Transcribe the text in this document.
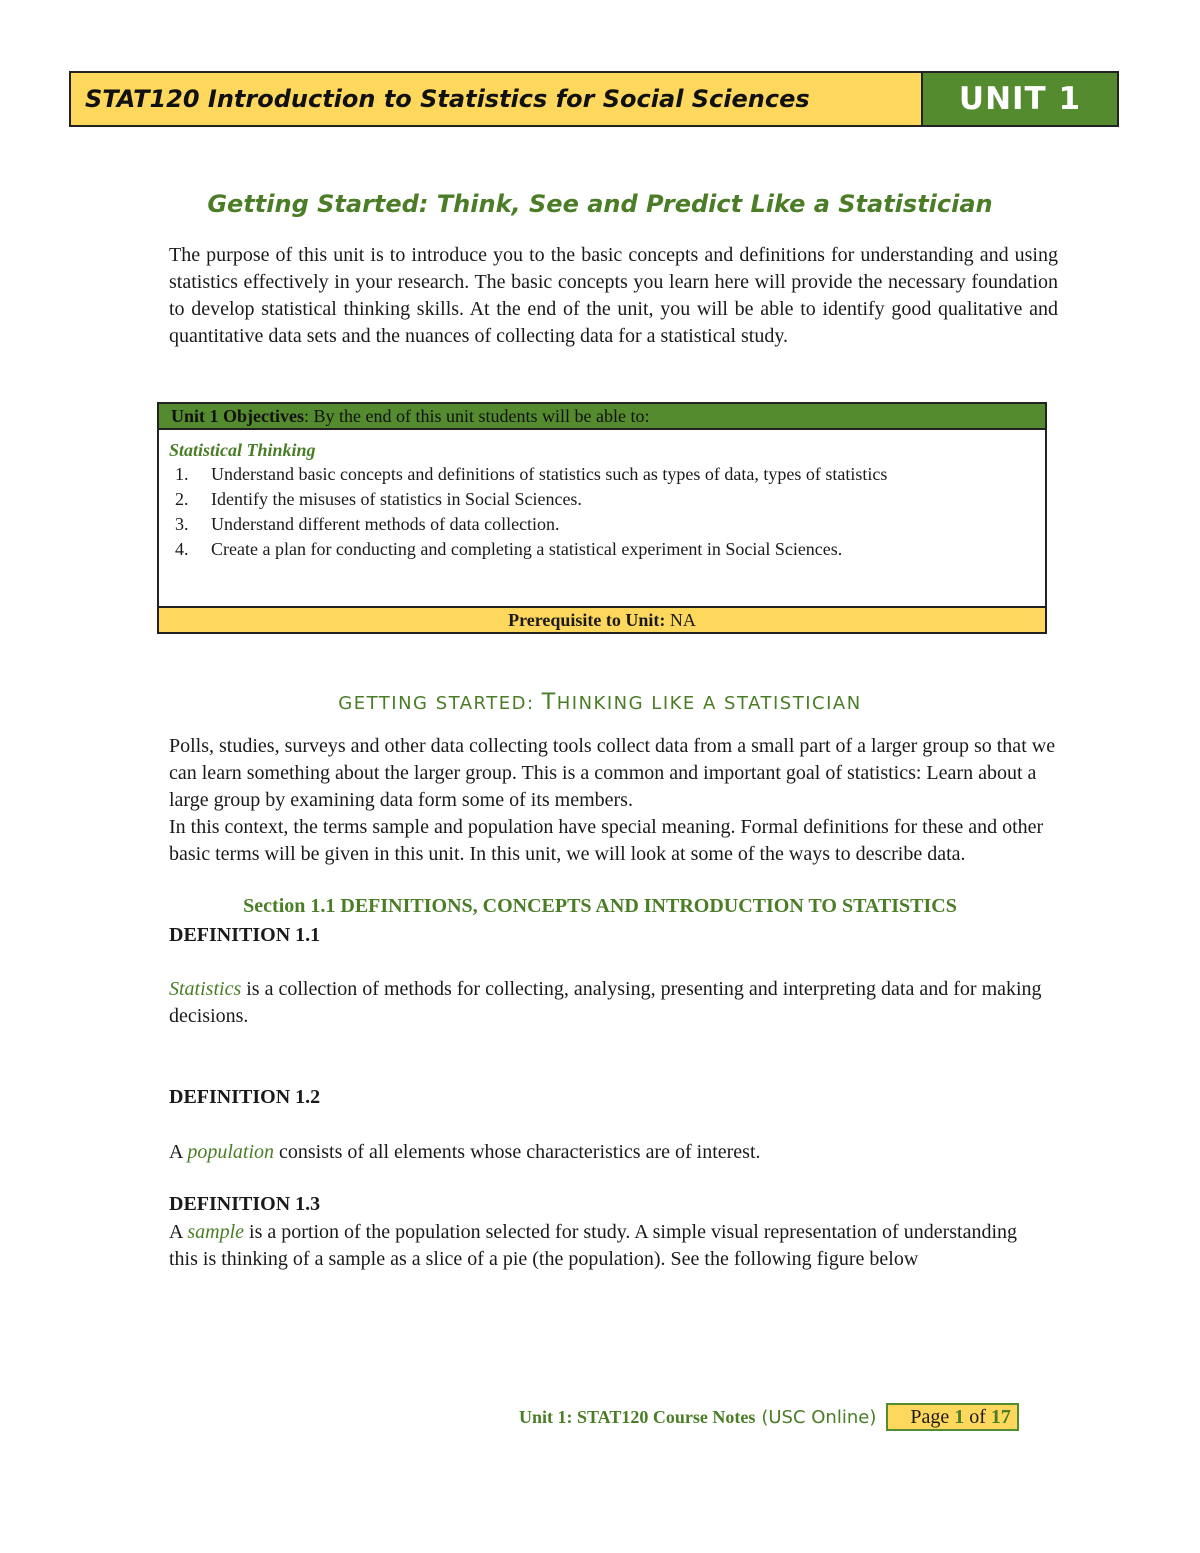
STAT120 Introduction to Statistics for Social Sciences	UNIT 1
Getting Started: Think, See and Predict Like a Statistician

The purpose of this unit is to introduce you to the basic concepts and definitions for understanding and using statistics effectively in your research. The basic concepts you learn here will provide the necessary foundation to develop statistical thinking skills. At the end of the unit, you will be able to identify good qualitative and quantitative data sets and the nuances of collecting data for a statistical study.

Unit 1 Objectives: By the end of this unit students will be able to:
Statistical Thinking
1.	Understand basic concepts and definitions of statistics such as types of data, types of statistics
2.	Identify the misuses of statistics in Social Sciences.
3.	Understand different methods of data collection.
4.	Create a plan for conducting and completing a statistical experiment in Social Sciences.
Prerequisite to Unit: NA
GETTING STARTED: THINKING LIKE A STATISTICIAN
Polls, studies, surveys and other data collecting tools collect data from a small part of a larger group so that we can learn something about the larger group. This is a common and important goal of statistics: Learn about a large group by examining data form some of its members.
In this context, the terms sample and population have special meaning. Formal definitions for these and other basic terms will be given in this unit. In this unit, we will look at some of the ways to describe data.
Section 1.1 DEFINITIONS, CONCEPTS AND INTRODUCTION TO STATISTICS
DEFINITION 1.1

Statistics is a collection of methods for collecting, analysing, presenting and interpreting data and for making decisions.

DEFINITION 1.2

A population consists of all elements whose characteristics are of interest.

DEFINITION 1.3

A sample is a portion of the population selected for study. A simple visual representation of understanding this is thinking of a sample as a slice of a pie (the population). See the following figure below

Unit 1: STAT120 Course Notes (USC Online)	Page 1 of 17
